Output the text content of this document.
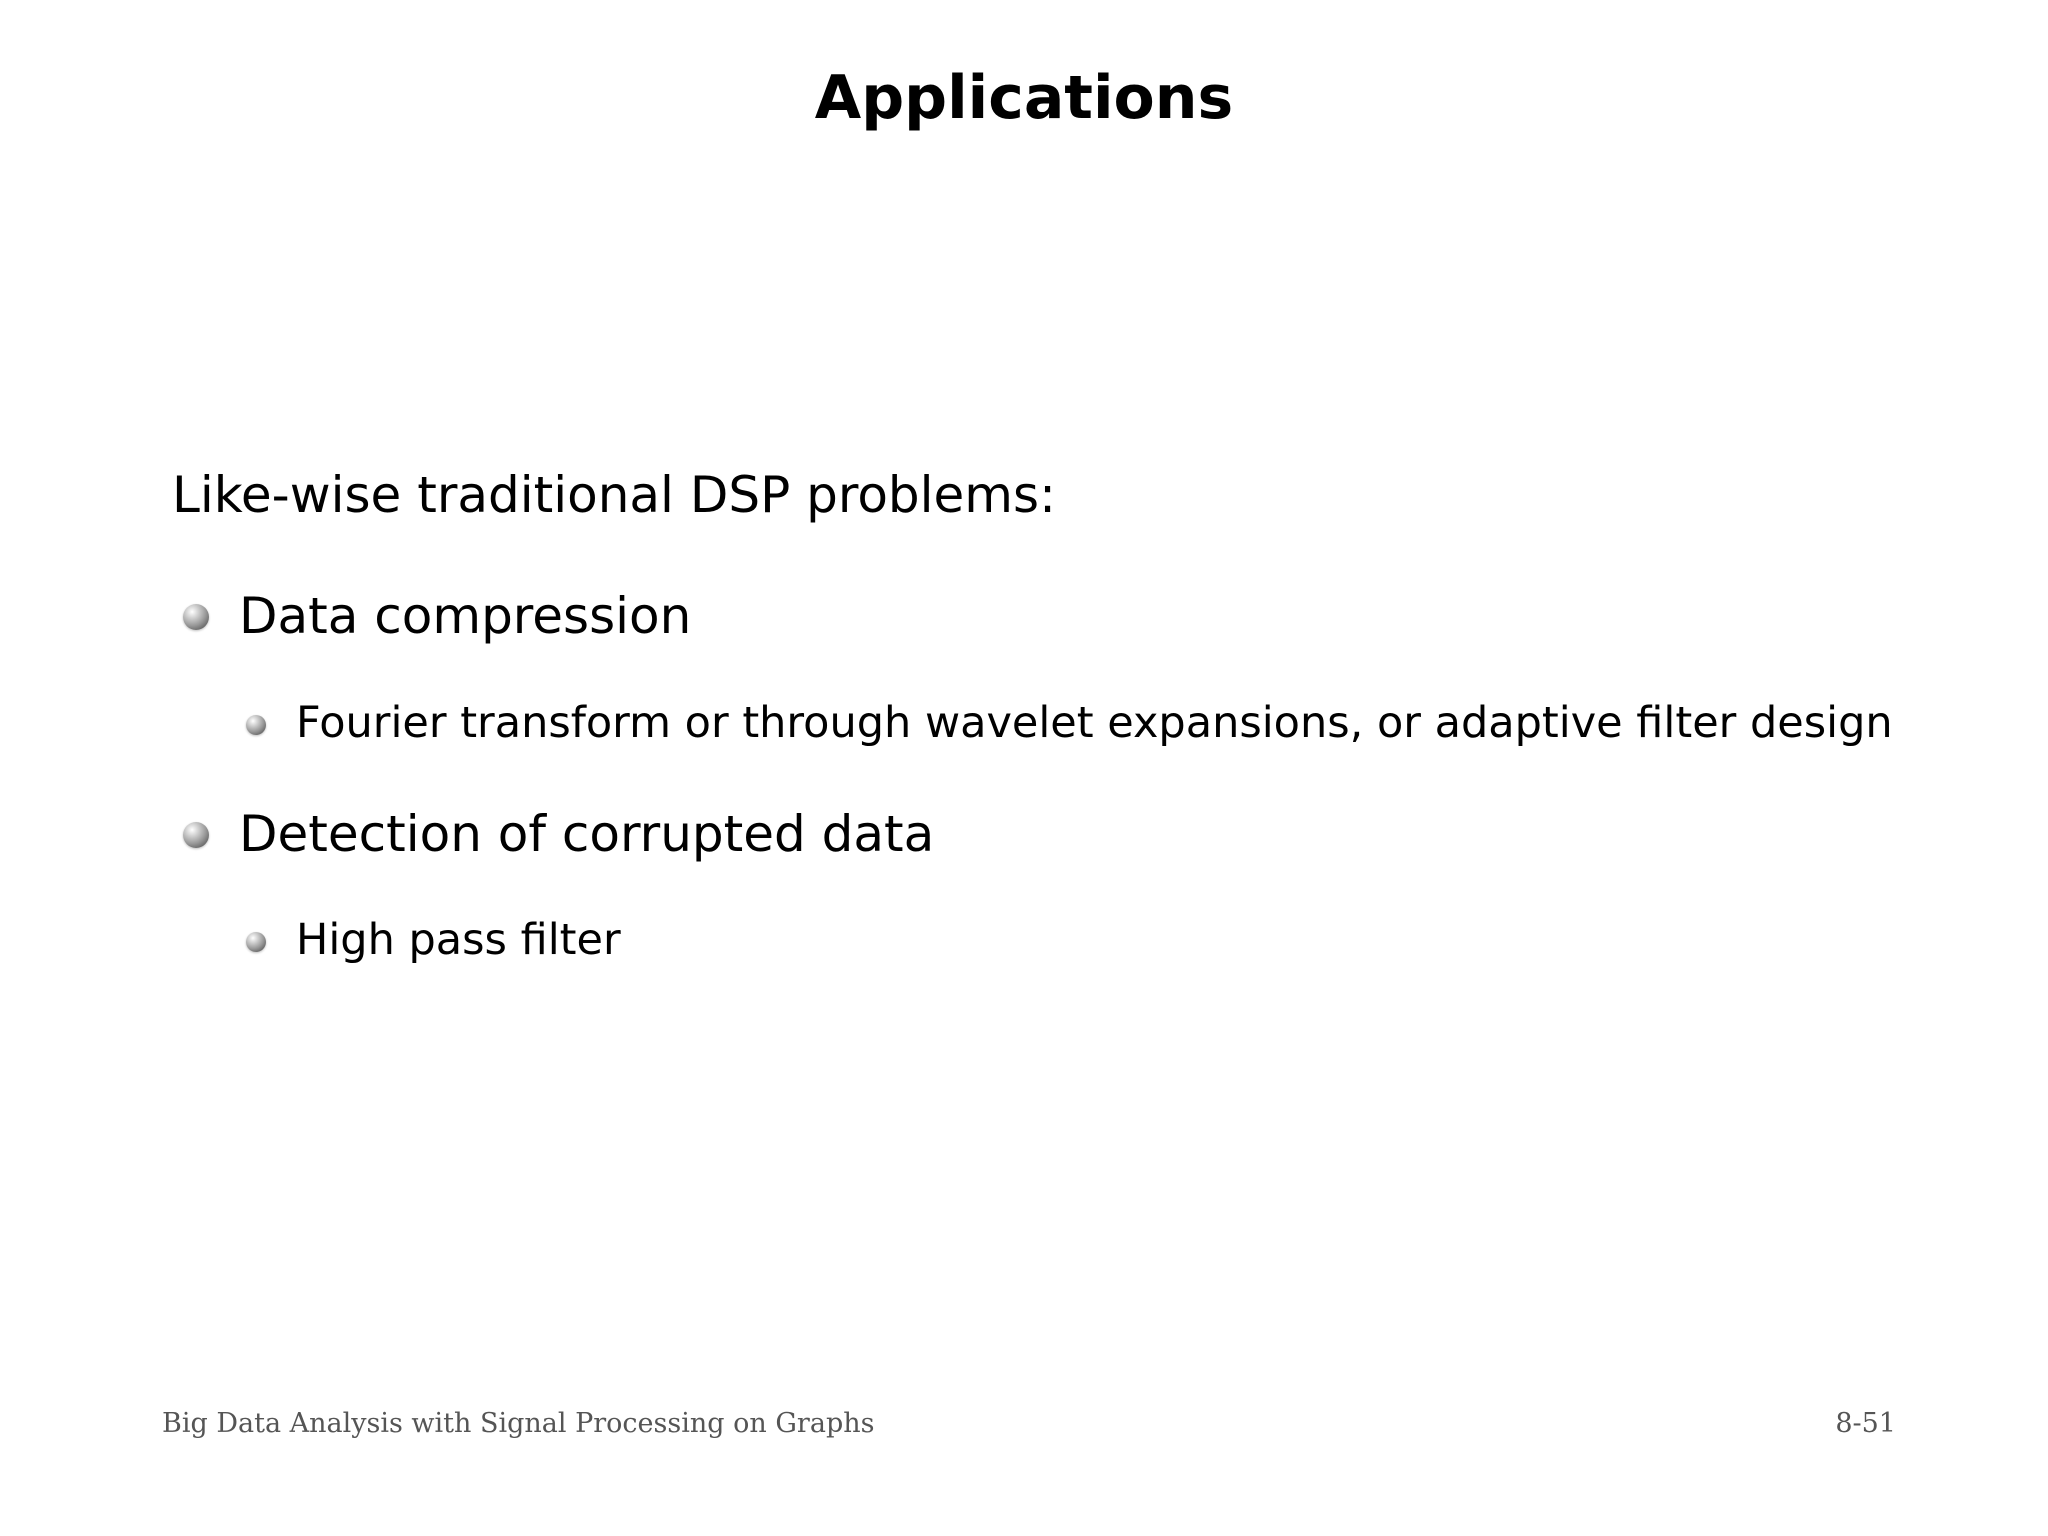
Applications
Like-wise traditional DSP problems:
Data compression
Fourier transform or through wavelet expansions, or adaptive filter design
Detection of corrupted data
High pass filter
Big Data Analysis with Signal Processing on Graphs	8-51
